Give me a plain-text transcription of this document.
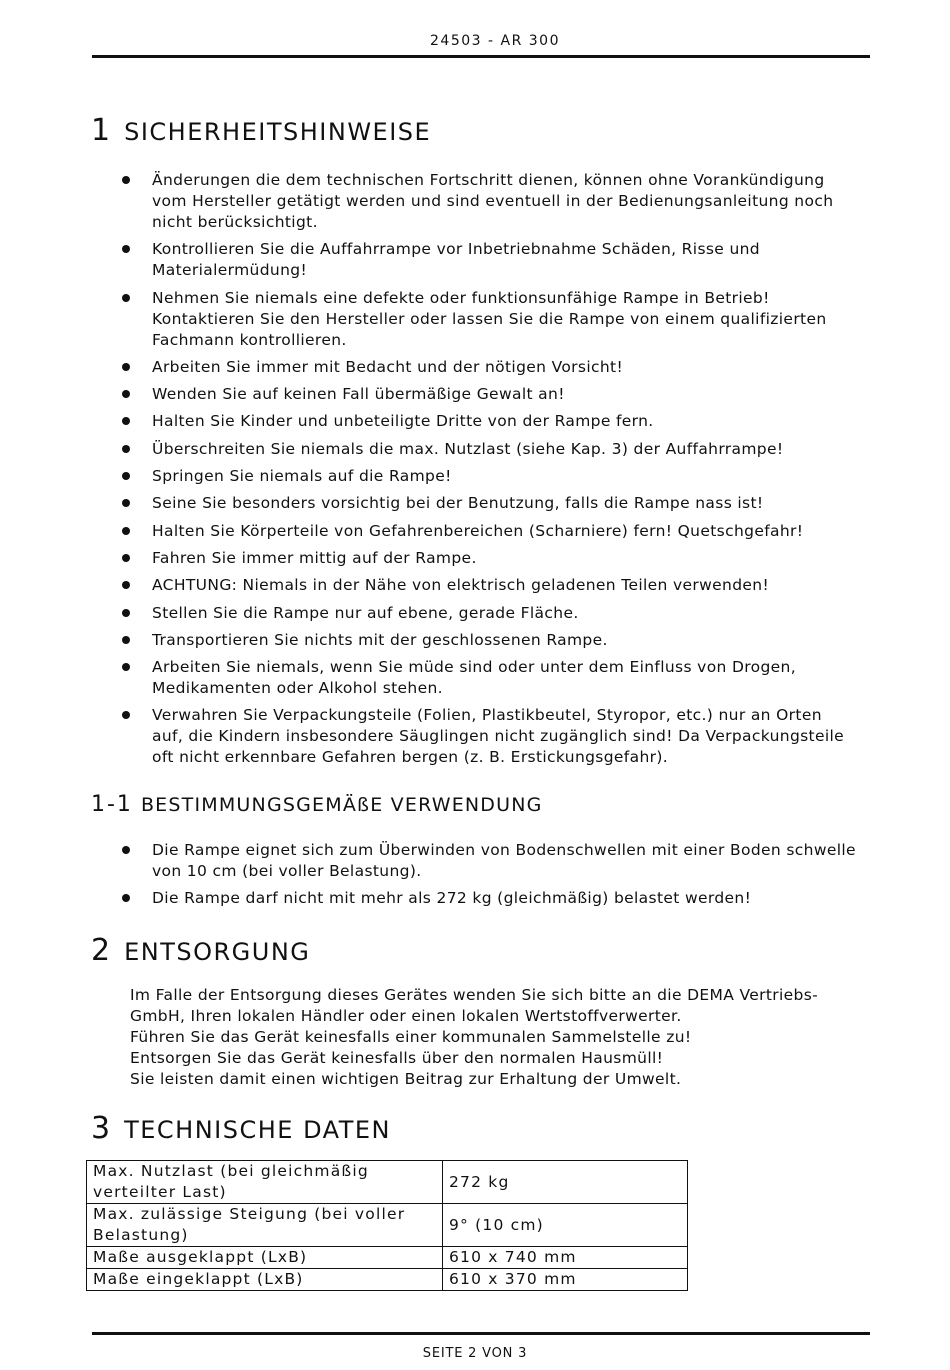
24503 - AR 300
1 SICHERHEITSHINWEISE
Änderungen die dem technischen Fortschritt dienen, können ohne Vorankündigung vom Hersteller getätigt werden und sind eventuell in der Bedienungsanleitung noch nicht berücksichtigt.
Kontrollieren Sie die Auffahrrampe vor Inbetriebnahme Schäden, Risse und Materialermüdung!
Nehmen Sie niemals eine defekte oder funktionsunfähige Rampe in Betrieb! Kontaktieren Sie den Hersteller oder lassen Sie die Rampe von einem qualifizierten Fachmann kontrollieren.
Arbeiten Sie immer mit Bedacht und der nötigen Vorsicht!
Wenden Sie auf keinen Fall übermäßige Gewalt an!
Halten Sie Kinder und unbeteiligte Dritte von der Rampe fern.
Überschreiten Sie niemals die max. Nutzlast (siehe Kap. 3) der Auffahrrampe!
Springen Sie niemals auf die Rampe!
Seine Sie besonders vorsichtig bei der Benutzung, falls die Rampe nass ist!
Halten Sie Körperteile von Gefahrenbereichen (Scharniere) fern! Quetschgefahr!
Fahren Sie immer mittig auf der Rampe.
ACHTUNG: Niemals in der Nähe von elektrisch geladenen Teilen verwenden!
Stellen Sie die Rampe nur auf ebene, gerade Fläche.
Transportieren Sie nichts mit der geschlossenen Rampe.
Arbeiten Sie niemals, wenn Sie müde sind oder unter dem Einfluss von Drogen, Medikamenten oder Alkohol stehen.
Verwahren Sie Verpackungsteile (Folien, Plastikbeutel, Styropor, etc.) nur an Orten auf, die Kindern insbesondere Säuglingen nicht zugänglich sind! Da Verpackungsteile oft nicht erkennbare Gefahren bergen (z. B. Erstickungsgefahr).
1-1 BESTIMMUNGSGEMÄßE VERWENDUNG
Die Rampe eignet sich zum Überwinden von Bodenschwellen mit einer Boden schwelle von 10 cm (bei voller Belastung).
Die Rampe darf nicht mit mehr als 272 kg (gleichmäßig) belastet werden!
2 ENTSORGUNG
Im Falle der Entsorgung dieses Gerätes wenden Sie sich bitte an die DEMA Vertriebs-
GmbH, Ihren lokalen Händler oder einen lokalen Wertstoffverwerter.
Führen Sie das Gerät keinesfalls einer kommunalen Sammelstelle zu!
Entsorgen Sie das Gerät keinesfalls über den normalen Hausmüll!
Sie leisten damit einen wichtigen Beitrag zur Erhaltung der Umwelt.
3 TECHNISCHE DATEN
Max. Nutzlast (bei gleichmäßig verteilter Last)	272 kg
Max. zulässige Steigung (bei voller Belastung)	9° (10 cm)
Maße ausgeklappt (LxB)	610 x 740 mm
Maße eingeklappt (LxB)	610 x 370 mm
SEITE 2 VON 3
